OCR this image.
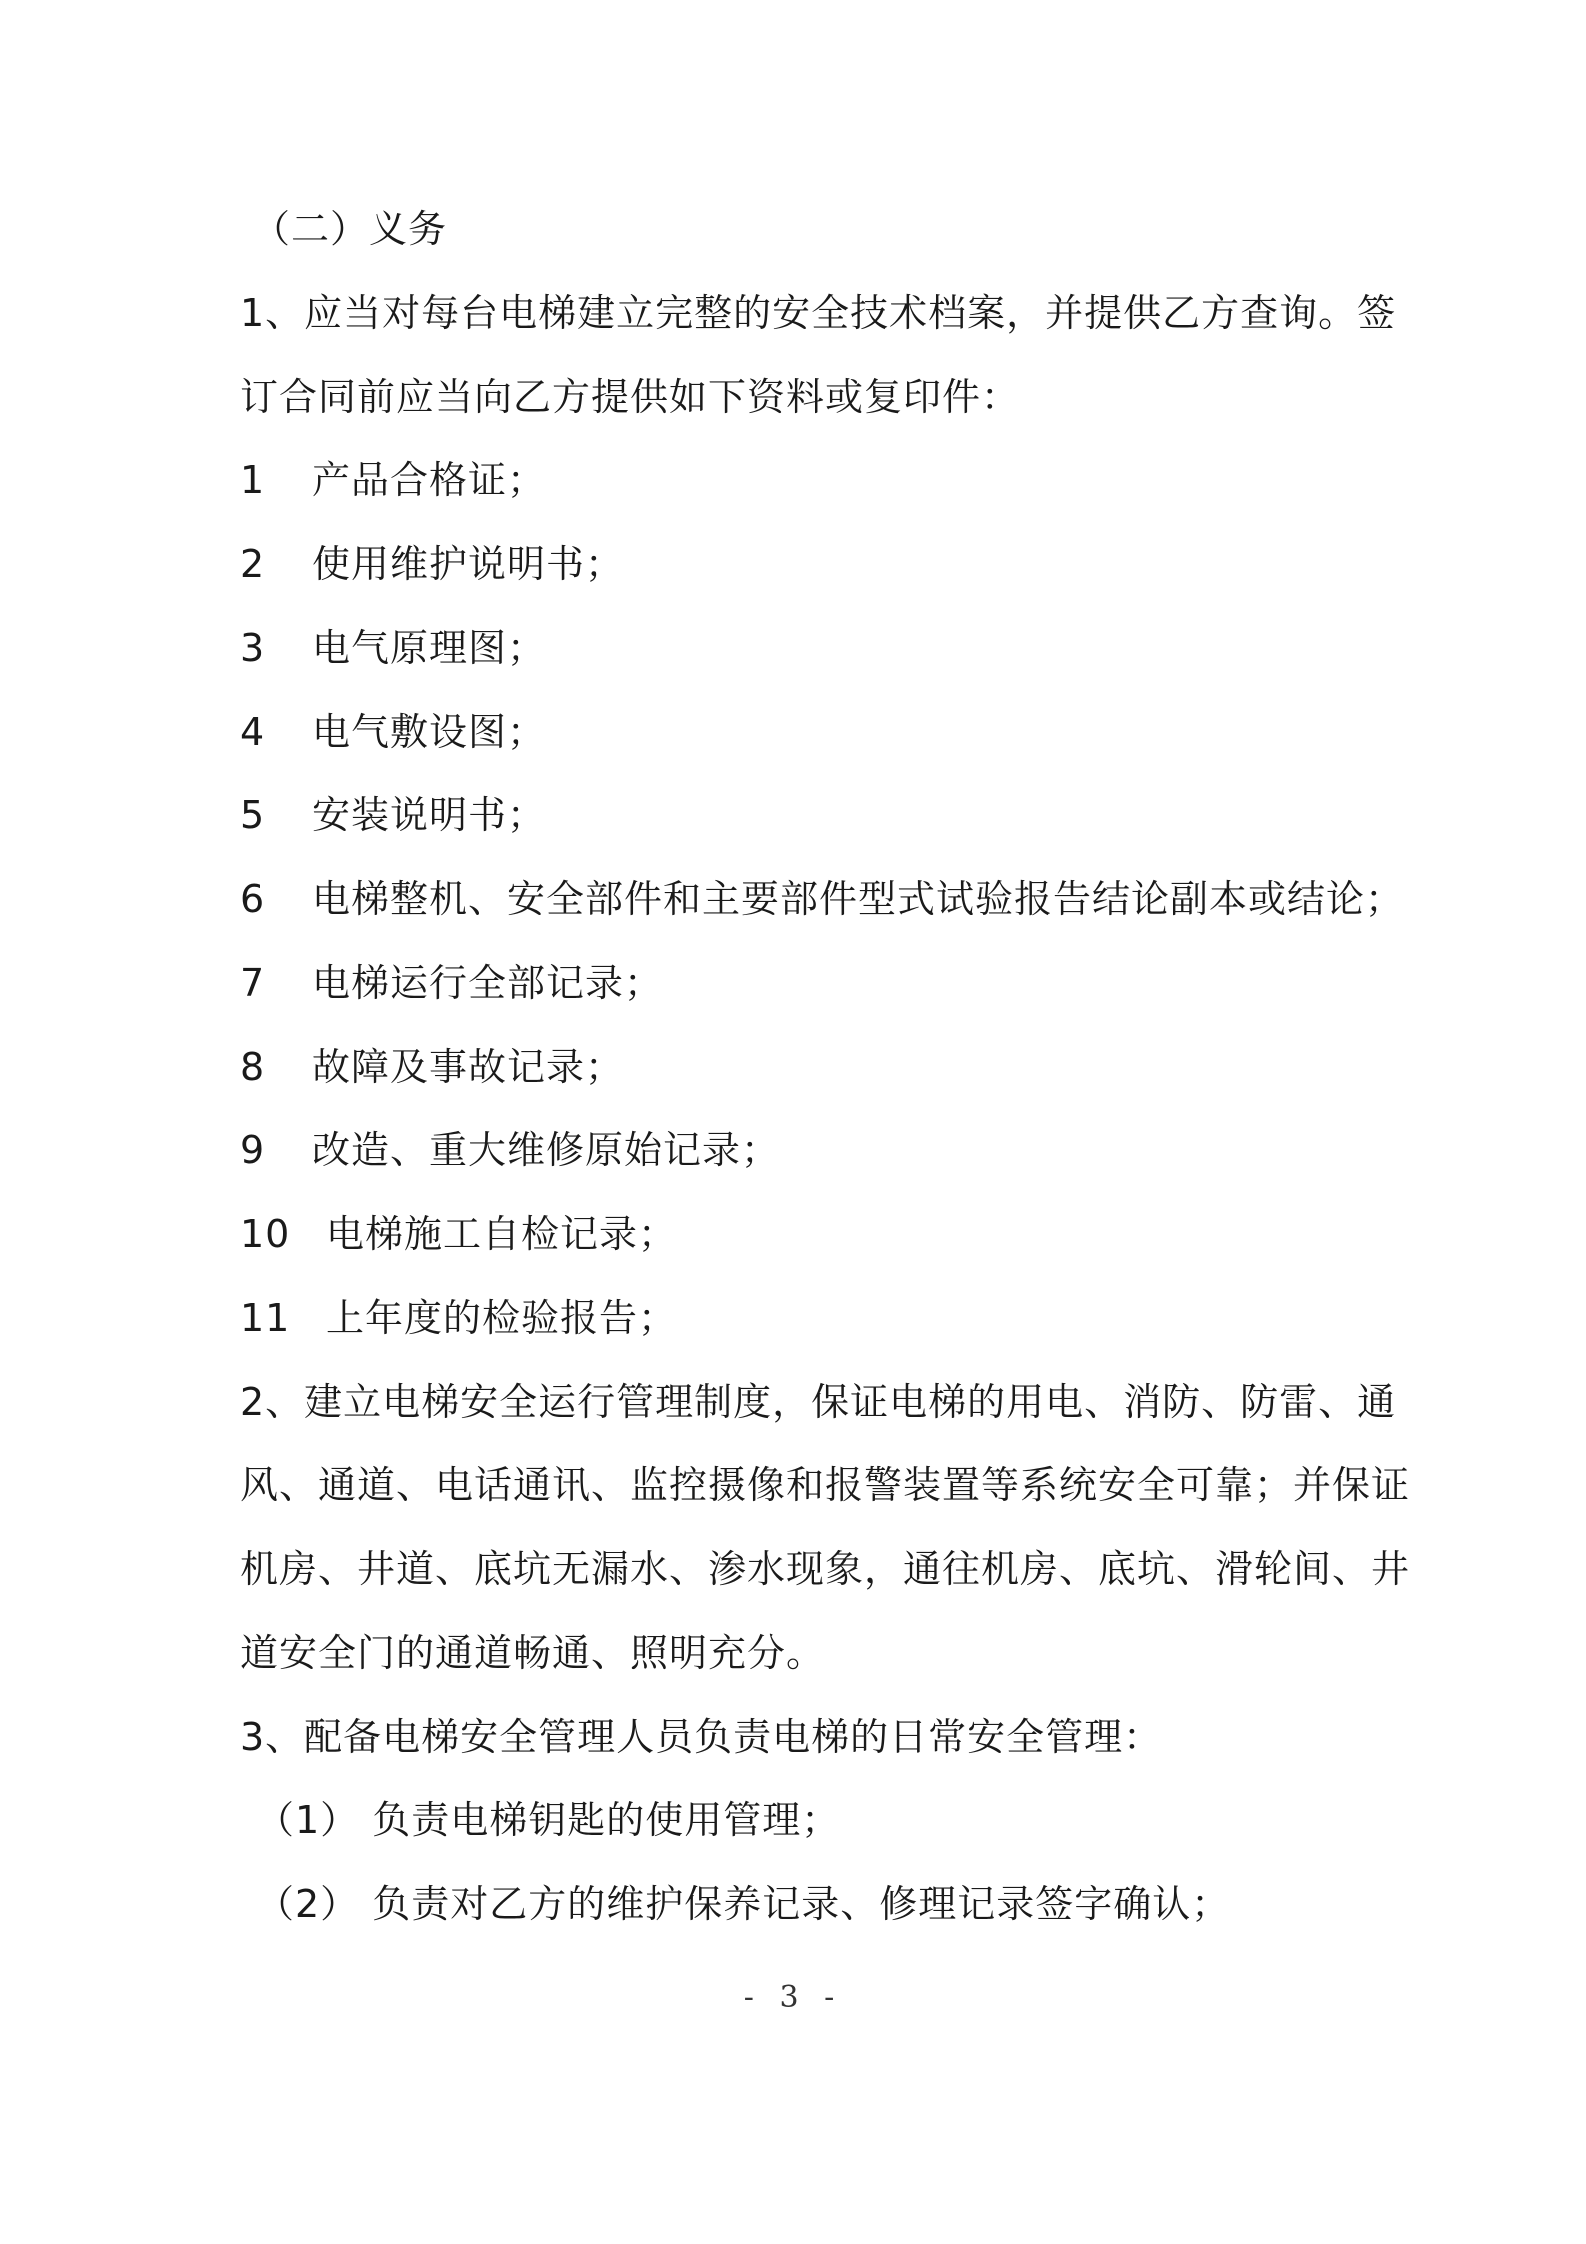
（二）义务
1、应当对每台电梯建立完整的安全技术档案，并提供乙方查询。签
订合同前应当向乙方提供如下资料或复印件：
1 产品合格证；
2 使用维护说明书；
3 电气原理图；
4 电气敷设图；
5 安装说明书；
6 电梯整机、安全部件和主要部件型式试验报告结论副本或结论；
7 电梯运行全部记录；
8 故障及事故记录；
9 改造、重大维修原始记录；
10 电梯施工自检记录；
11 上年度的检验报告；
2、建立电梯安全运行管理制度，保证电梯的用电、消防、防雷、通
风、通道、电话通讯、监控摄像和报警装置等系统安全可靠；并保证
机房、井道、底坑无漏水、渗水现象，通往机房、底坑、滑轮间、井
道安全门的通道畅通、照明充分。
3、配备电梯安全管理人员负责电梯的日常安全管理：
（1） 负责电梯钥匙的使用管理；
（2） 负责对乙方的维护保养记录、修理记录签字确认；
- 3 -
